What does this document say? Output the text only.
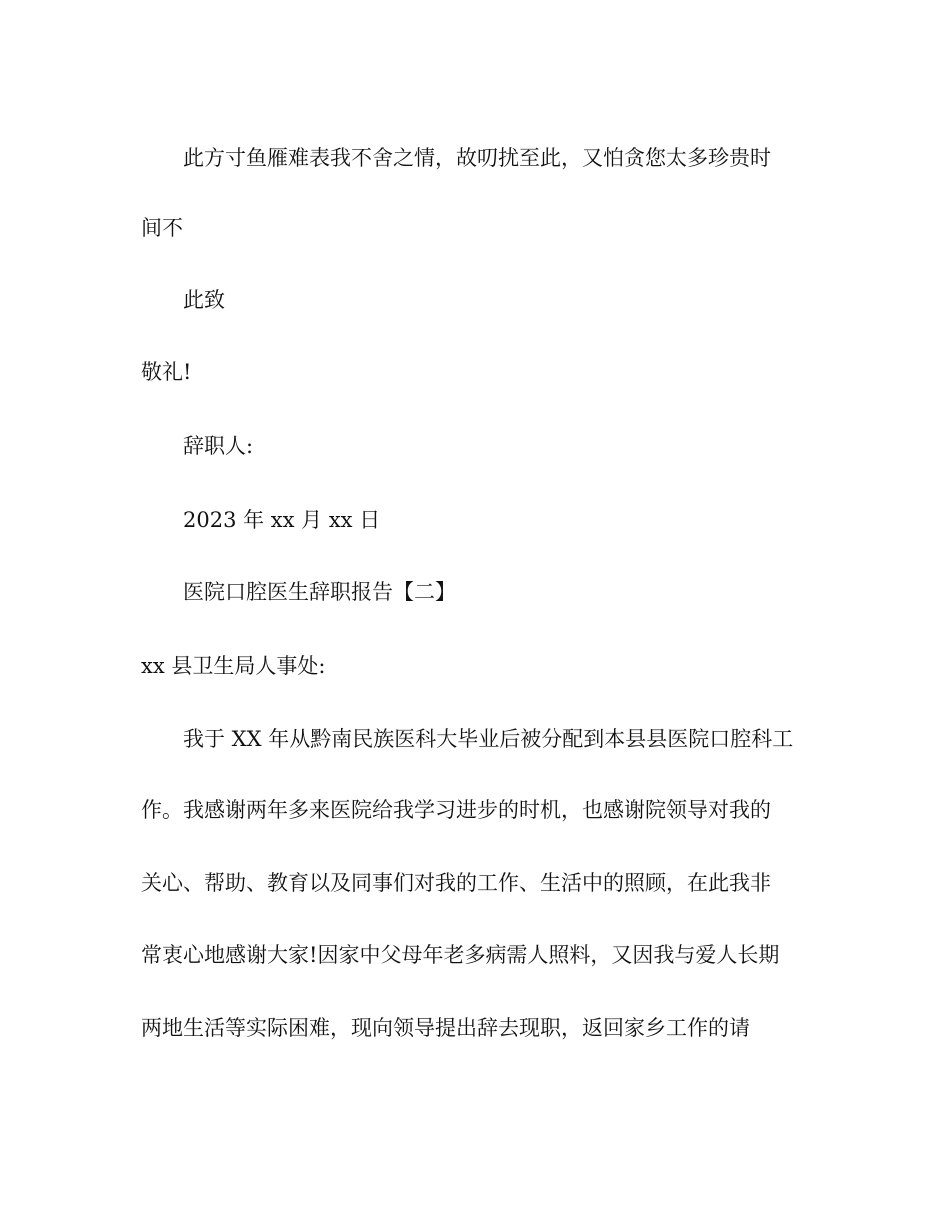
此方寸鱼雁难表我不舍之情，故叨扰至此，又怕贪您太多珍贵时

间不

此致

敬礼!

辞职人:

2023 年 xx 月 xx 日

医院口腔医生辞职报告【二】

xx 县卫生局人事处:

我于 XX 年从黔南民族医科大毕业后被分配到本县县医院口腔科工

作。我感谢两年多来医院给我学习进步的时机，也感谢院领导对我的

关心、帮助、教育以及同事们对我的工作、生活中的照顾，在此我非

常衷心地感谢大家!因家中父母年老多病需人照料，又因我与爱人长期

两地生活等实际困难，现向领导提出辞去现职，返回家乡工作的请
